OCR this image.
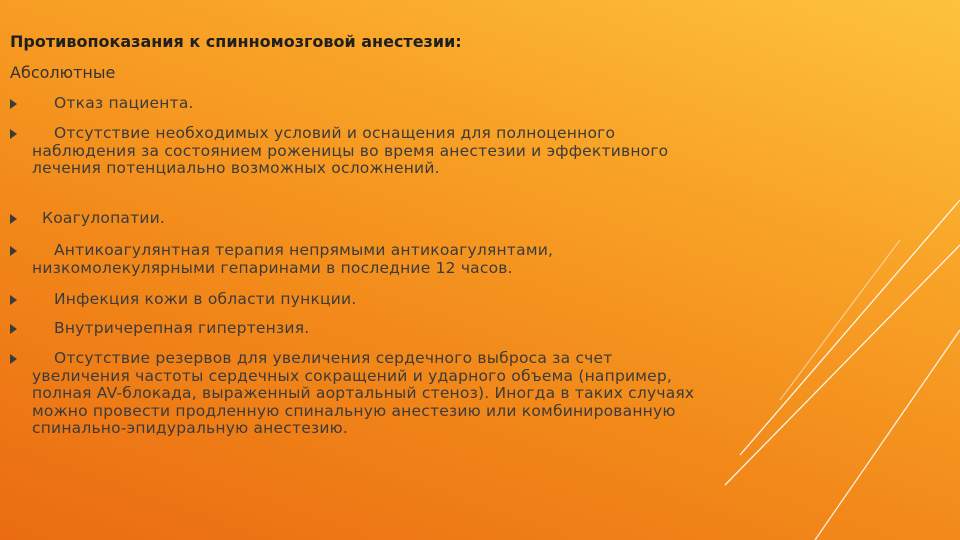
Противопоказания к спинномозговой анестезии:
Абсолютные
Отказ пациента.
Отсутствие необходимых условий и оснащения для полноценного наблюдения за состоянием роженицы во время анестезии и эффективного лечения потенциально возможных осложнений.
Коагулопатии.
Антикоагулянтная терапия непрямыми антикоагулянтами, низкомолекулярными гепаринами в последние 12 часов.
Инфекция кожи в области пункции.
Внутричерепная гипертензия.
Отсутствие резервов для увеличения сердечного выброса за счет увеличения частоты сердечных сокращений и ударного объема (например, полная AV-блокада, выраженный аортальный стеноз). Иногда в таких случаях можно провести продленную спинальную анестезию или комбинированную спинально-эпидуральную анестезию.
